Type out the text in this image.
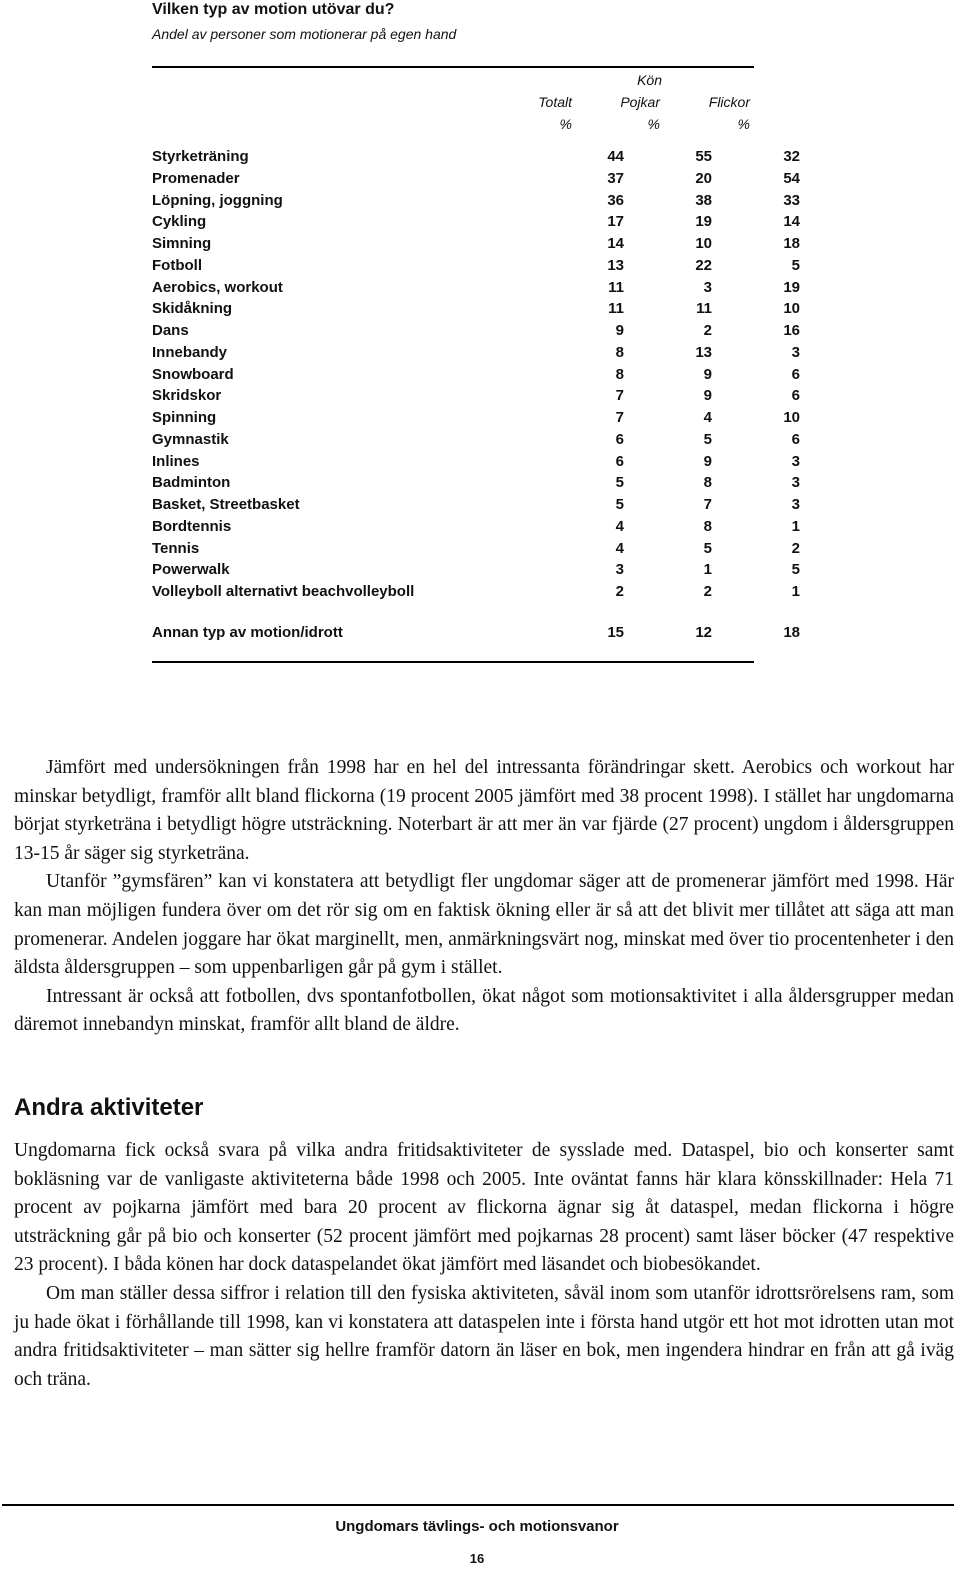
Vilken typ av motion utövar du?
Andel av personer som motionerar på egen hand
Kön
Totalt	Pojkar	Flickor
%	%	%
Styrketräning	44	55	32
Promenader	37	20	54
Löpning, joggning	36	38	33
Cykling	17	19	14
Simning	14	10	18
Fotboll	13	22	5
Aerobics, workout	11	3	19
Skidåkning	11	11	10
Dans	9	2	16
Innebandy	8	13	3
Snowboard	8	9	6
Skridskor	7	9	6
Spinning	7	4	10
Gymnastik	6	5	6
Inlines	6	9	3
Badminton	5	8	3
Basket, Streetbasket	5	7	3
Bordtennis	4	8	1
Tennis	4	5	2
Powerwalk	3	1	5
Volleyboll alternativt beachvolleyboll	2	2	1
Annan typ av motion/idrott	15	12	18

Jämfört med undersökningen från 1998 har en hel del intressanta förändringar skett. Aerobics och workout har minskar betydligt, framför allt bland flickorna (19 procent 2005 jämfört med 38 procent 1998). I stället har ungdomarna börjat styrketräna i betydligt högre utsträckning. Noterbart är att mer än var fjärde (27 procent) ungdom i åldersgruppen 13-15 år säger sig styrketräna.

Utanför ”gymsfären” kan vi konstatera att betydligt fler ungdomar säger att de promenerar jämfört med 1998. Här kan man möjligen fundera över om det rör sig om en faktisk ökning eller är så att det blivit mer tillåtet att säga att man promenerar. Andelen joggare har ökat marginellt, men, anmärkningsvärt nog, minskat med över tio procentenheter i den äldsta åldersgruppen – som uppenbarligen går på gym i stället.

Intressant är också att fotbollen, dvs spontanfotbollen, ökat något som motionsaktivitet i alla åldersgrupper medan däremot innebandyn minskat, framför allt bland de äldre.

Andra aktiviteter

Ungdomarna fick också svara på vilka andra fritidsaktiviteter de sysslade med. Dataspel, bio och konserter samt bokläsning var de vanligaste aktiviteterna både 1998 och 2005. Inte oväntat fanns här klara könsskillnader: Hela 71 procent av pojkarna jämfört med bara 20 procent av flickorna ägnar sig åt dataspel, medan flickorna i högre utsträckning går på bio och konserter (52 procent jämfört med pojkarnas 28 procent) samt läser böcker (47 respektive 23 procent). I båda könen har dock dataspelandet ökat jämfört med läsandet och biobesökandet.

Om man ställer dessa siffror i relation till den fysiska aktiviteten, såväl inom som utanför idrottsrörelsens ram, som ju hade ökat i förhållande till 1998, kan vi konstatera att dataspelen inte i första hand utgör ett hot mot idrotten utan mot andra fritidsaktiviteter – man sätter sig hellre framför datorn än läser en bok, men ingendera hindrar en från att gå iväg och träna.

Ungdomars tävlings- och motionsvanor
16
